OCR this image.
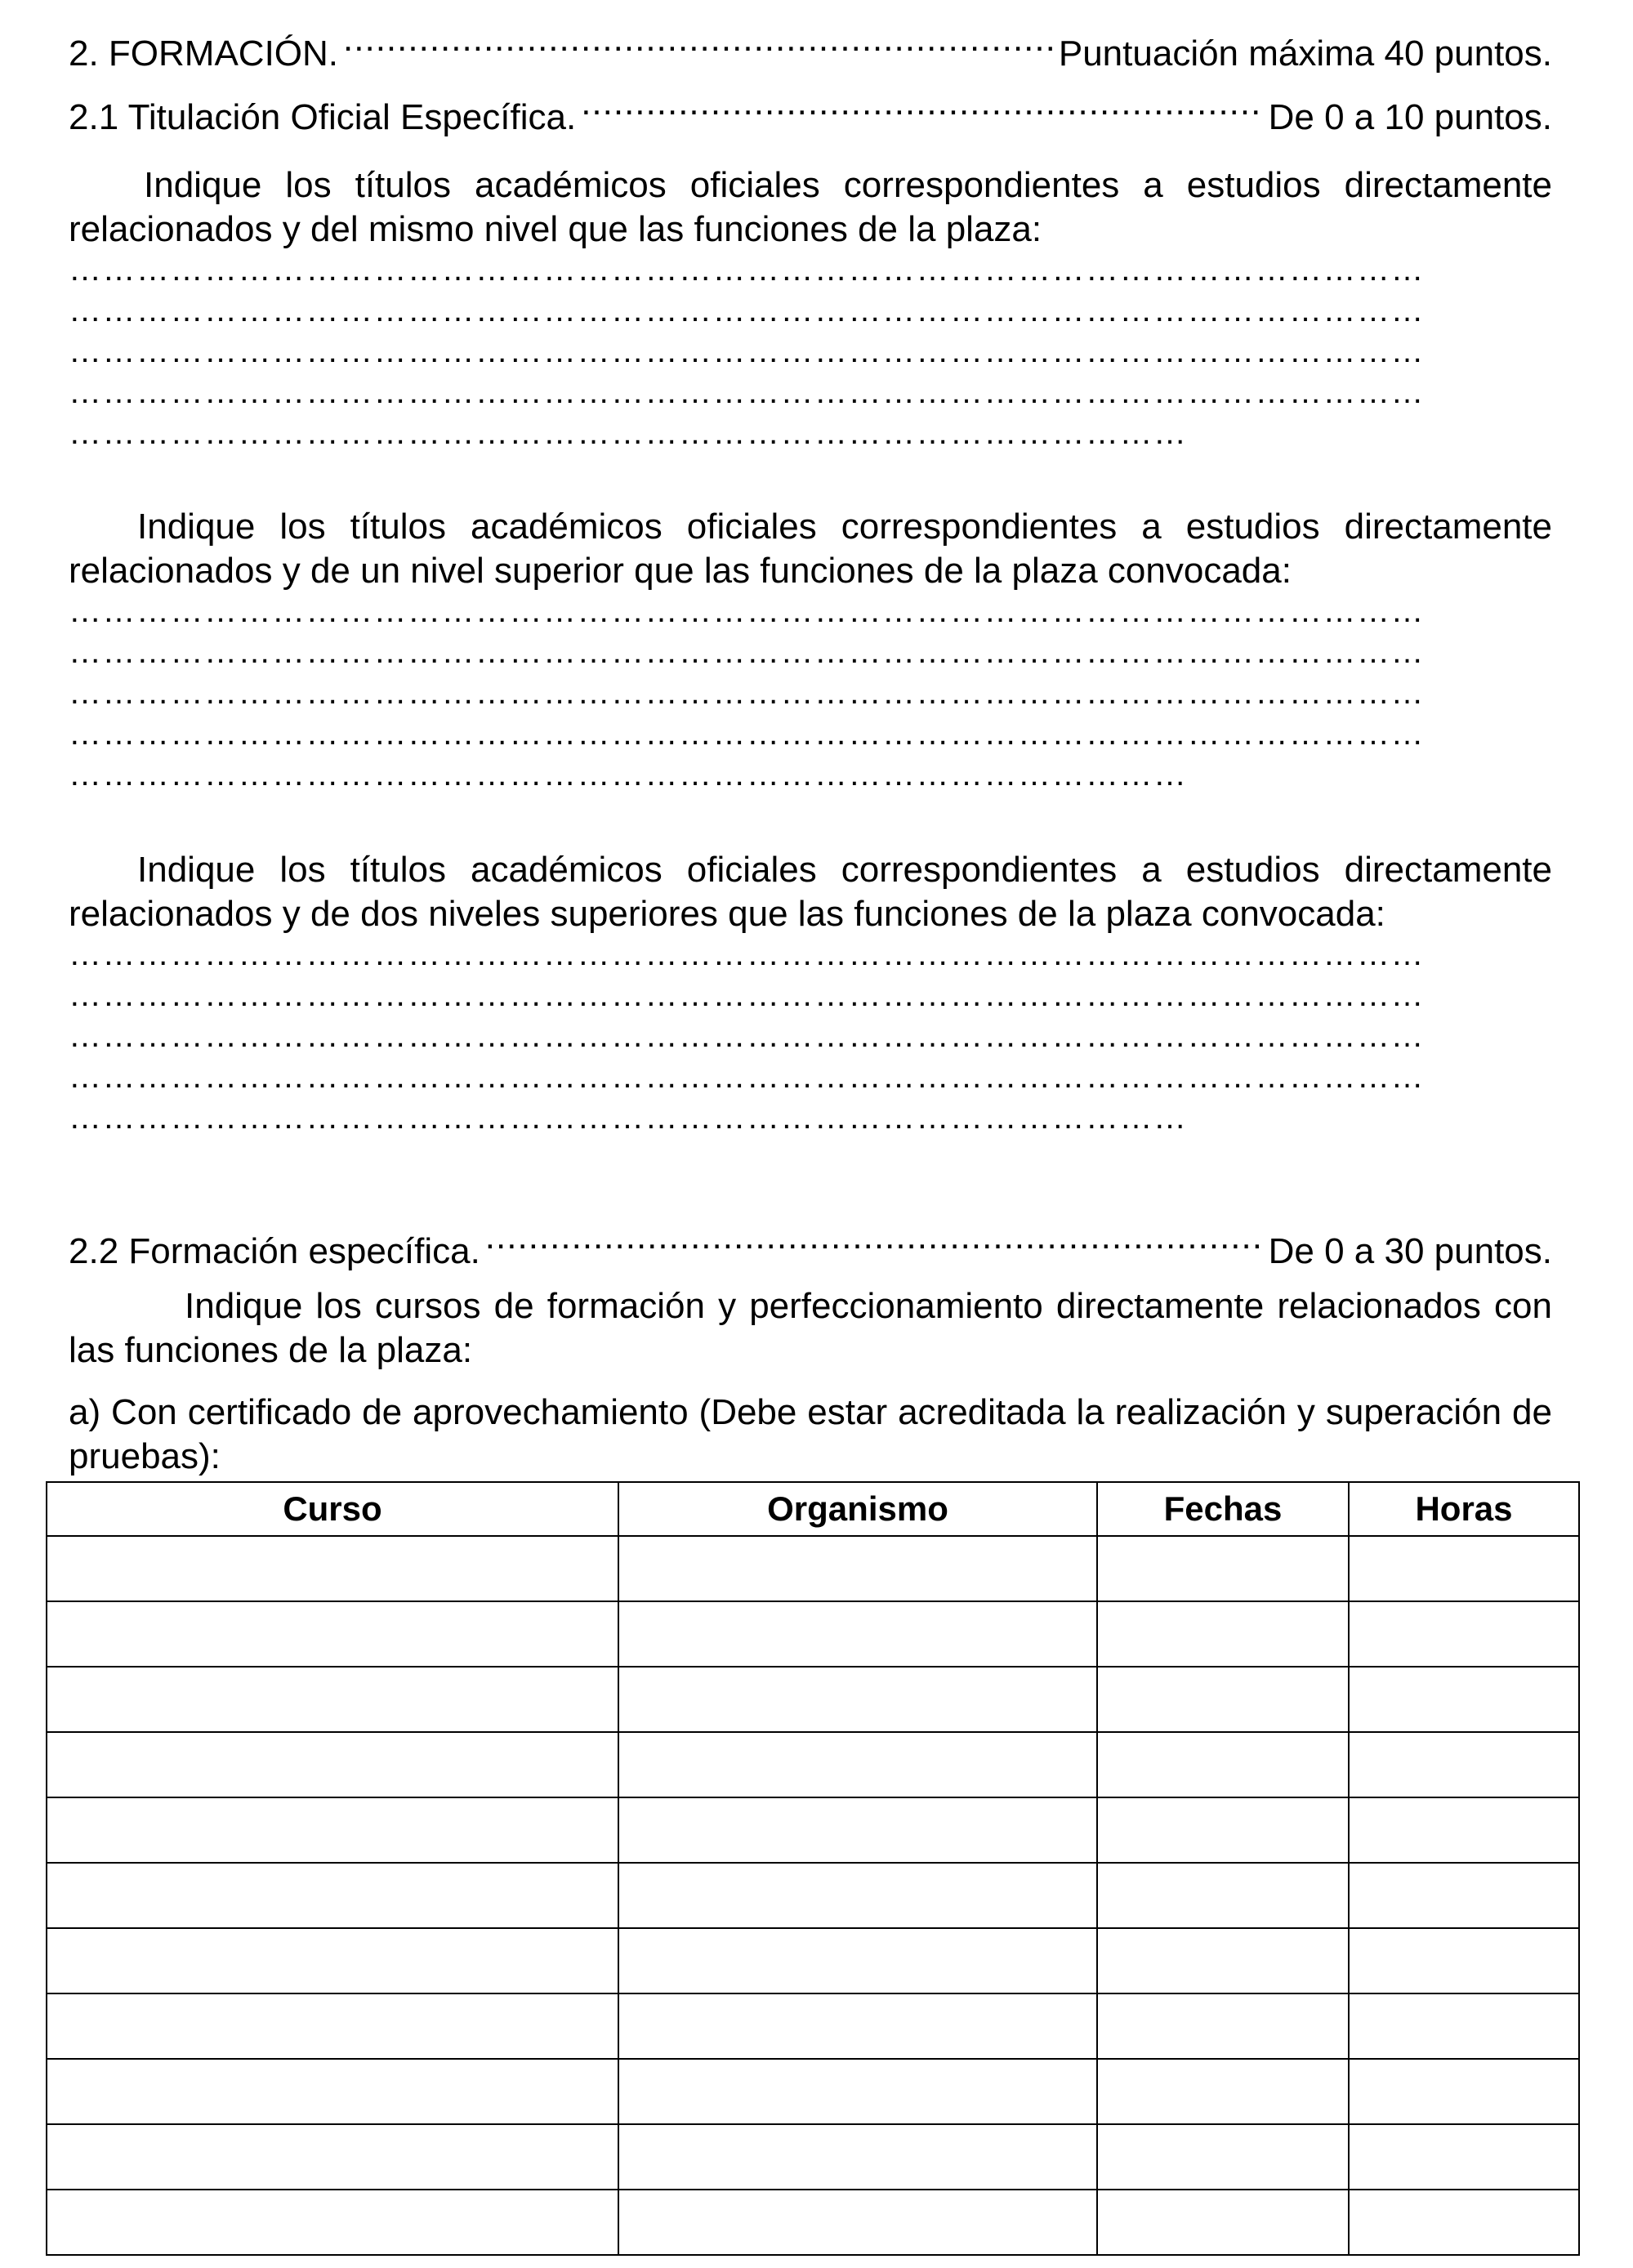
2. FORMACIÓN. .....	Puntuación máxima 40 puntos.
2.1 Titulación Oficial Específica. .....	De 0 a 10 puntos.

Indique los títulos académicos oficiales correspondientes a estudios directamente relacionados y del mismo nivel que las funciones de la plaza:

…………………………………………………………………………………………………………
…………………………………………………………………………………………………………
…………………………………………………………………………………………………………
…………………………………………………………………………………………………………
………………………………………………………………………………………

Indique los títulos académicos oficiales correspondientes a estudios directamente relacionados y de un nivel superior que las funciones de la plaza convocada:

…………………………………………………………………………………………………………
…………………………………………………………………………………………………………
…………………………………………………………………………………………………………
…………………………………………………………………………………………………………
………………………………………………………………………………………

Indique los títulos académicos oficiales correspondientes a estudios directamente relacionados y de dos niveles superiores que las funciones de la plaza convocada:

…………………………………………………………………………………………………………
…………………………………………………………………………………………………………
…………………………………………………………………………………………………………
…………………………………………………………………………………………………………
………………………………………………………………………………………
2.2 Formación específica. .....	De 0 a 30 puntos.

Indique los cursos de formación y perfeccionamiento directamente relacionados con las funciones de la plaza:

a) Con certificado de aprovechamiento (Debe estar acreditada la realización y superación de pruebas):

Curso	Organismo	Fechas	Horas
